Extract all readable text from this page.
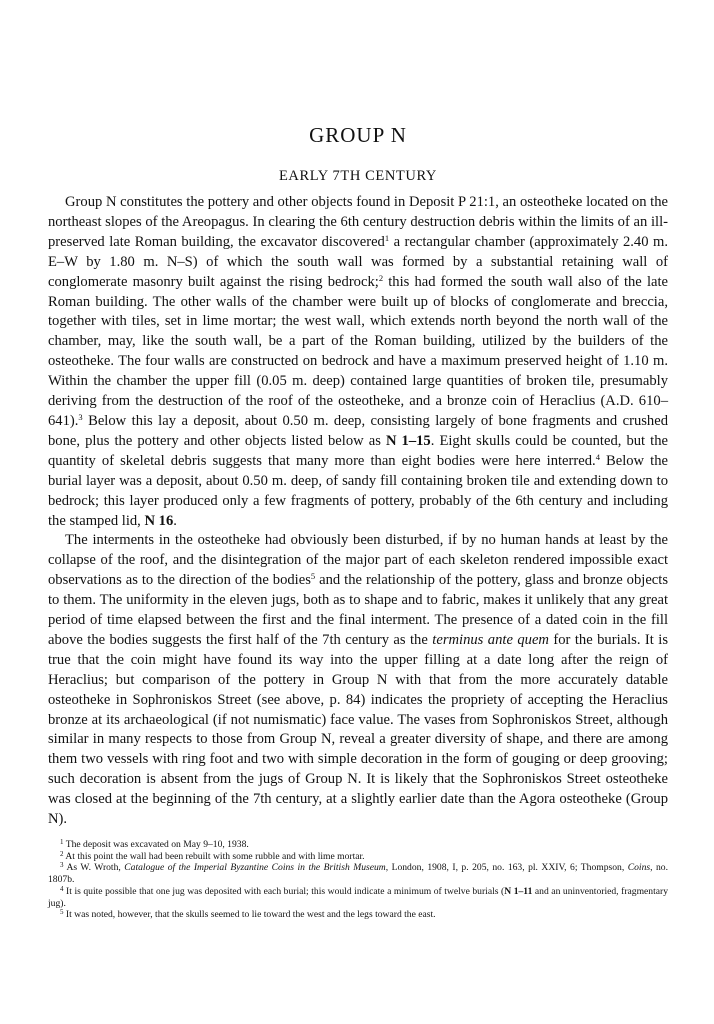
GROUP N
EARLY 7TH CENTURY

Group N constitutes the pottery and other objects found in Deposit P 21:1, an osteotheke located on the northeast slopes of the Areopagus. In clearing the 6th century destruction debris within the limits of an ill-preserved late Roman building, the excavator discovered$^1$ a rectangular chamber (approximately 2.40 m. E–W by 1.80 m. N–S) of which the south wall was formed by a substantial retaining wall of conglomerate masonry built against the rising bedrock;$^2$ this had formed the south wall also of the late Roman building. The other walls of the chamber were built up of blocks of conglomerate and breccia, together with tiles, set in lime mortar; the west wall, which extends north beyond the north wall of the chamber, may, like the south wall, be a part of the Roman building, utilized by the builders of the osteotheke. The four walls are constructed on bedrock and have a maximum preserved height of 1.10 m. Within the chamber the upper fill (0.05 m. deep) contained large quantities of broken tile, presumably deriving from the destruction of the roof of the osteotheke, and a bronze coin of Heraclius (A.D. 610–641).$^3$ Below this lay a deposit, about 0.50 m. deep, consisting largely of bone fragments and crushed bone, plus the pottery and other objects listed below as N 1–15. Eight skulls could be counted, but the quantity of skeletal debris suggests that many more than eight bodies were here interred.$^4$ Below the burial layer was a deposit, about 0.50 m. deep, of sandy fill containing broken tile and extending down to bedrock; this layer produced only a few fragments of pottery, probably of the 6th century and including the stamped lid, N 16.

The interments in the osteotheke had obviously been disturbed, if by no human hands at least by the collapse of the roof, and the disintegration of the major part of each skeleton rendered impossible exact observations as to the direction of the bodies$^5$ and the relationship of the pottery, glass and bronze objects to them. The uniformity in the eleven jugs, both as to shape and to fabric, makes it unlikely that any great period of time elapsed between the first and the final interment. The presence of a dated coin in the fill above the bodies suggests the first half of the 7th century as the terminus ante quem for the burials. It is true that the coin might have found its way into the upper filling at a date long after the reign of Heraclius; but comparison of the pottery in Group N with that from the more accurately datable osteotheke in Sophroniskos Street (see above, p. 84) indicates the propriety of accepting the Heraclius bronze at its archaeological (if not numismatic) face value. The vases from Sophroniskos Street, although similar in many respects to those from Group N, reveal a greater diversity of shape, and there are among them two vessels with ring foot and two with simple decoration in the form of gouging or deep grooving; such decoration is absent from the jugs of Group N. It is likely that the Sophroniskos Street osteotheke was closed at the beginning of the 7th century, at a slightly earlier date than the Agora osteotheke (Group N).

$^1$ The deposit was excavated on May 9–10, 1938.

$^2$ At this point the wall had been rebuilt with some rubble and with lime mortar.

$^3$ As W. Wroth, Catalogue of the Imperial Byzantine Coins in the British Museum, London, 1908, I, p. 205, no. 163, pl. XXIV, 6; Thompson, Coins, no. 1807b.

$^4$ It is quite possible that one jug was deposited with each burial; this would indicate a minimum of twelve burials (N 1–11 and an uninventoried, fragmentary jug).

$^5$ It was noted, however, that the skulls seemed to lie toward the west and the legs toward the east.
